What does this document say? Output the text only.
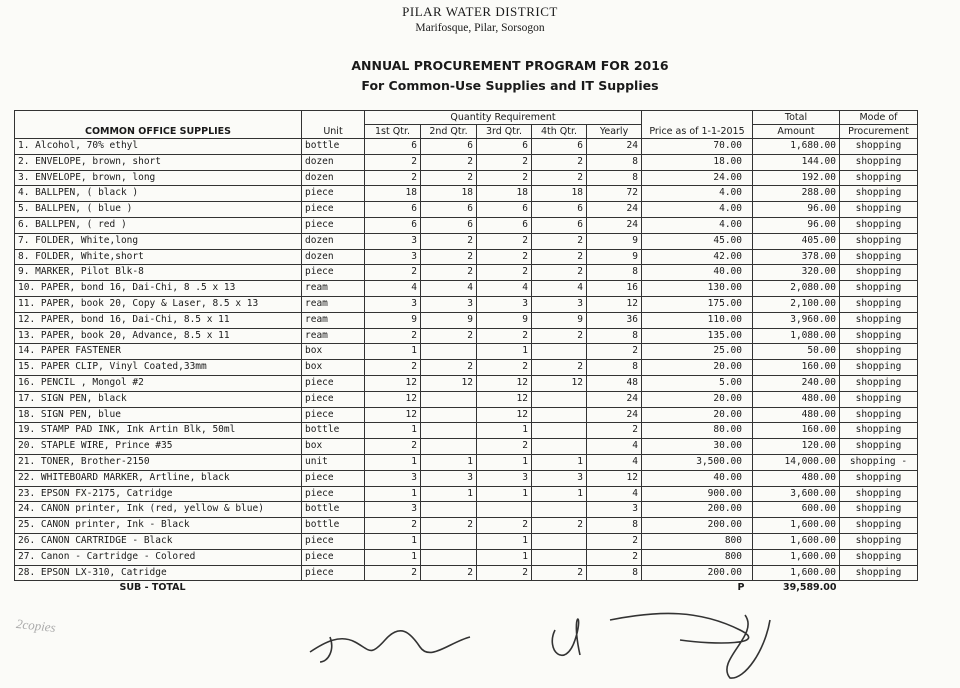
PILAR WATER DISTRICT
Marifosque, Pilar, Sorsogon
ANNUAL PROCUREMENT PROGRAM FOR 2016
For Common-Use Supplies and IT Supplies
COMMON OFFICE SUPPLIES	Unit	Quantity Requirement					Price as of 1-1-2015	Total	Mode of
		1st Qtr.	2nd Qtr.	3rd Qtr.	4th Qtr.	Yearly		Amount	Procurement
1. Alcohol, 70% ethyl	bottle	6	6	6	6	24	70.00	1,680.00	shopping
2. ENVELOPE, brown, short	dozen	2	2	2	2	8	18.00	144.00	shopping
3. ENVELOPE, brown, long	dozen	2	2	2	2	8	24.00	192.00	shopping
4. BALLPEN, ( black )	piece	18	18	18	18	72	4.00	288.00	shopping
5. BALLPEN, ( blue )	piece	6	6	6	6	24	4.00	96.00	shopping
6. BALLPEN, ( red )	piece	6	6	6	6	24	4.00	96.00	shopping
7. FOLDER, White,long	dozen	3	2	2	2	9	45.00	405.00	shopping
8. FOLDER, White,short	dozen	3	2	2	2	9	42.00	378.00	shopping
9. MARKER, Pilot Blk-8	piece	2	2	2	2	8	40.00	320.00	shopping
10. PAPER, bond 16, Dai-Chi, 8 .5 x 13	ream	4	4	4	4	16	130.00	2,080.00	shopping
11. PAPER, book 20, Copy & Laser, 8.5 x 13	ream	3	3	3	3	12	175.00	2,100.00	shopping
12. PAPER, bond 16, Dai-Chi, 8.5 x 11	ream	9	9	9	9	36	110.00	3,960.00	shopping
13. PAPER, book 20, Advance, 8.5 x 11	ream	2	2	2	2	8	135.00	1,080.00	shopping
14. PAPER FASTENER	box	1		1		2	25.00	50.00	shopping
15. PAPER CLIP, Vinyl Coated,33mm	box	2	2	2	2	8	20.00	160.00	shopping
16. PENCIL , Mongol #2	piece	12	12	12	12	48	5.00	240.00	shopping
17. SIGN PEN, black	piece	12		12		24	20.00	480.00	shopping
18. SIGN PEN, blue	piece	12		12		24	20.00	480.00	shopping
19. STAMP PAD INK, Ink Artin Blk, 50ml	bottle	1		1		2	80.00	160.00	shopping
20. STAPLE WIRE, Prince #35	box	2		2		4	30.00	120.00	shopping
21. TONER, Brother-2150	unit	1	1	1	1	4	3,500.00	14,000.00	shopping -
22. WHITEBOARD MARKER, Artline, black	piece	3	3	3	3	12	40.00	480.00	shopping
23. EPSON FX-2175, Catridge	piece	1	1	1	1	4	900.00	3,600.00	shopping
24. CANON printer, Ink (red, yellow & blue)	bottle	3				3	200.00	600.00	shopping
25. CANON printer, Ink - Black	bottle	2	2	2	2	8	200.00	1,600.00	shopping
26. CANON CARTRIDGE - Black	piece	1		1		2	800	1,600.00	shopping
27. Canon - Cartridge - Colored	piece	1		1		2	800	1,600.00	shopping
28. EPSON LX-310, Catridge	piece	2	2	2	2	8	200.00	1,600.00	shopping
SUB - TOTAL							P	39,589.00	
2copies
